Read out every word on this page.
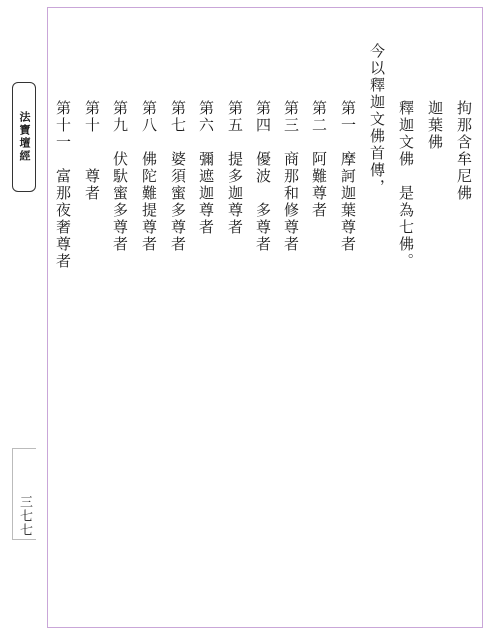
法寶壇經
三七七
拘那含牟尼佛
迦葉佛
釋迦文佛　是為七佛。
今以釋迦文佛首傳，
第一　摩訶迦葉尊者
第二　阿難尊者
第三　商那和修尊者
第四　優波　多尊者
第五　提多迦尊者
第六　彌遮迦尊者
第七　婆須蜜多尊者
第八　佛陀難提尊者
第九　伏馱蜜多尊者
第十　　尊者
第十一　富那夜奢尊者
